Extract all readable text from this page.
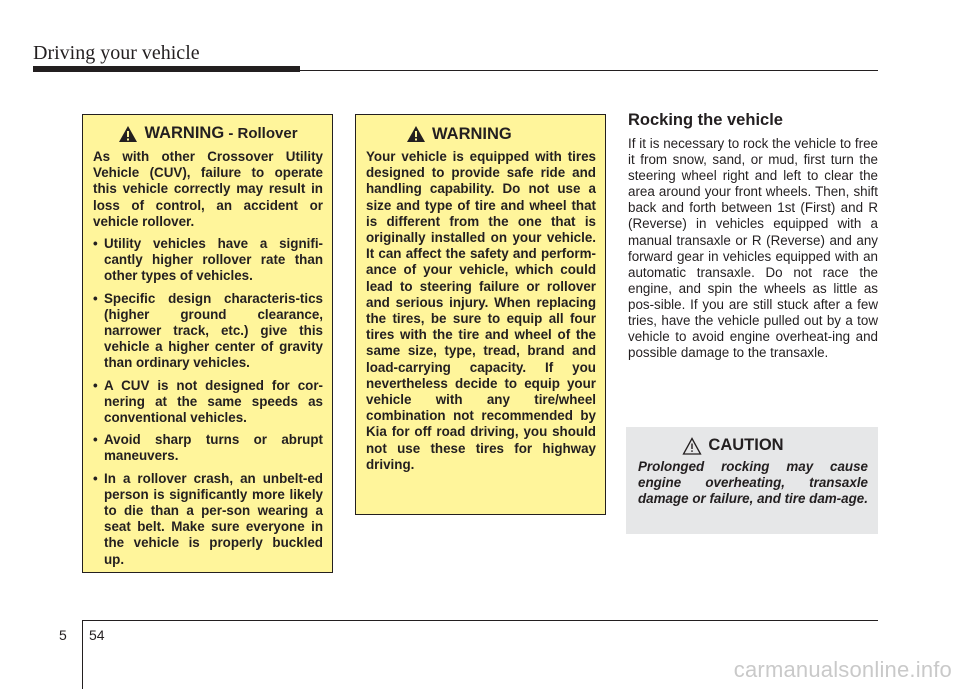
Driving your vehicle
WARNING - Rollover

As with other Crossover Utility Vehicle (CUV), failure to operate this vehicle correctly may result in loss of control, an accident or vehicle rollover.

• Utility vehicles have a signifi-cantly higher rollover rate than other types of vehicles.
• Specific design characteris-tics (higher ground clearance, narrower track, etc.) give this vehicle a higher center of gravity than ordinary vehicles.
• A CUV is not designed for cor-nering at the same speeds as conventional vehicles.
• Avoid sharp turns or abrupt maneuvers.
• In a rollover crash, an unbelt-ed person is significantly more likely to die than a per-son wearing a seat belt. Make sure everyone in the vehicle is properly buckled up.
WARNING

Your vehicle is equipped with tires designed to provide safe ride and handling capability. Do not use a size and type of tire and wheel that is different from the one that is originally installed on your vehicle. It can affect the safety and perform-ance of your vehicle, which could lead to steering failure or rollover and serious injury. When replacing the tires, be sure to equip all four tires with the tire and wheel of the same size, type, tread, brand and load-carrying capacity. If you nevertheless decide to equip your vehicle with any tire/wheel combination not recommended by Kia for off road driving, you should not use these tires for highway driving.

Rocking the vehicle
If it is necessary to rock the vehicle to free it from snow, sand, or mud, first turn the steering wheel right and left to clear the area around your front wheels. Then, shift back and forth between 1st (First) and R (Reverse) in vehicles equipped with a manual transaxle or R (Reverse) and any forward gear in vehicles equipped with an automatic transaxle. Do not race the engine, and spin the wheels as little as pos-sible. If you are still stuck after a few tries, have the vehicle pulled out by a tow vehicle to avoid engine overheat-ing and possible damage to the transaxle.
CAUTION
Prolonged rocking may cause engine overheating, transaxle damage or failure, and tire dam-age.
5 54
carmanualsonline.info
